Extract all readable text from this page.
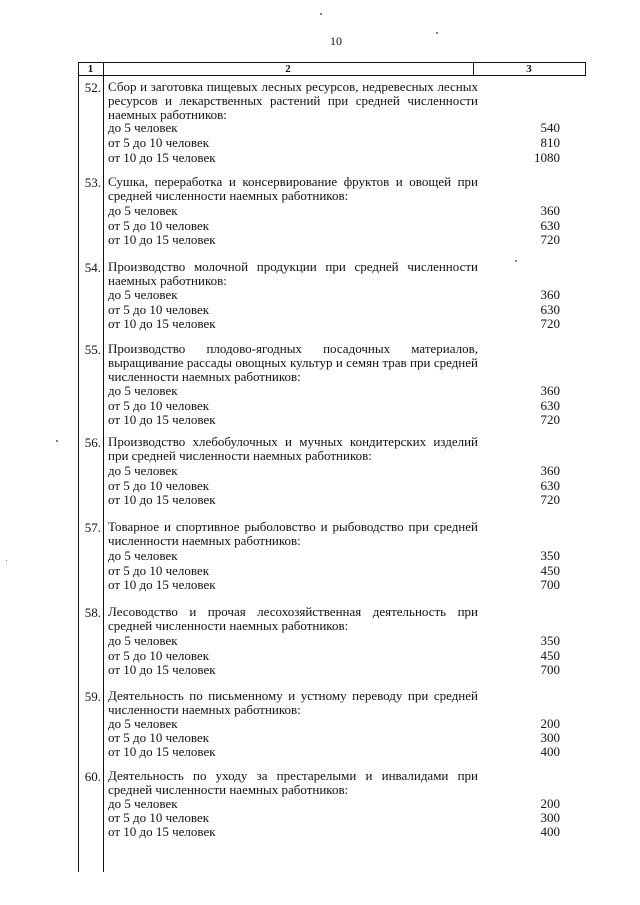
10
1	2	3
52. Сбор и заготовка пищевых лесных ресурсов, недревесных лесных ресурсов и лекарственных растений при средней численности наемных работников:
до 5 человек	540
от 5 до 10 человек	810
от 10 до 15 человек	1080
53. Сушка, переработка и консервирование фруктов и овощей при средней численности наемных работников:
до 5 человек	360
от 5 до 10 человек	630
от 10 до 15 человек	720
54. Производство молочной продукции при средней численности наемных работников:
до 5 человек	360
от 5 до 10 человек	630
от 10 до 15 человек	720
55. Производство плодово-ягодных посадочных материалов, выращивание рассады овощных культур и семян трав при средней численности наемных работников:
до 5 человек	360
от 5 до 10 человек	630
от 10 до 15 человек	720
56. Производство хлебобулочных и мучных кондитерских изделий при средней численности наемных работников:
до 5 человек	360
от 5 до 10 человек	630
от 10 до 15 человек	720
57. Товарное и спортивное рыболовство и рыбоводство при средней численности наемных работников:
до 5 человек	350
от 5 до 10 человек	450
от 10 до 15 человек	700
58. Лесоводство и прочая лесохозяйственная деятельность при средней численности наемных работников:
до 5 человек	350
от 5 до 10 человек	450
от 10 до 15 человек	700
59. Деятельность по письменному и устному переводу при средней численности наемных работников:
до 5 человек	200
от 5 до 10 человек	300
от 10 до 15 человек	400
60. Деятельность по уходу за престарелыми и инвалидами при средней численности наемных работников:
до 5 человек	200
от 5 до 10 человек	300
от 10 до 15 человек	400
